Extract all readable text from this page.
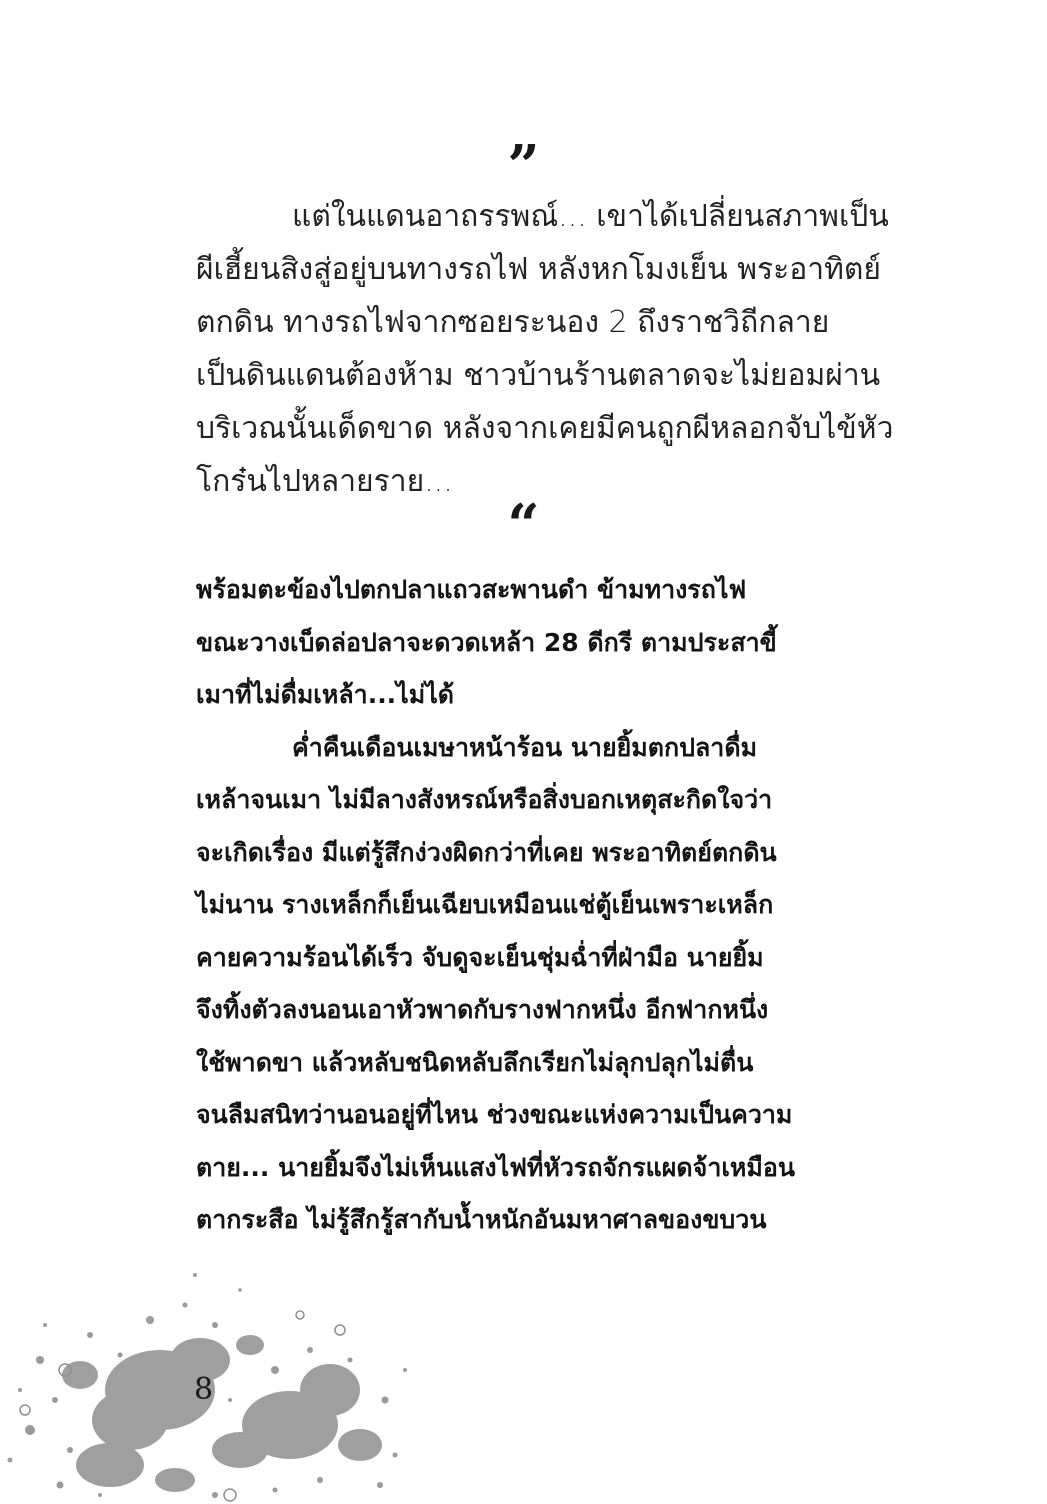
”
แต่ในแดนอาถรรพณ์... เขาได้เปลี่ยนสภาพเป็น
ผีเฮี้ยนสิงสู่อยู่บนทางรถไฟ หลังหกโมงเย็น พระอาทิตย์
ตกดิน ทางรถไฟจากซอยระนอง 2 ถึงราชวิถีกลาย
เป็นดินแดนต้องห้าม ชาวบ้านร้านตลาดจะไม่ยอมผ่าน
บริเวณนั้นเด็ดขาด หลังจากเคยมีคนถูกผีหลอกจับไข้หัว
โกร๋นไปหลายราย...
“
พร้อมตะข้องไปตกปลาแถวสะพานดำ ข้ามทางรถไฟ
ขณะวางเบ็ดล่อปลาจะดวดเหล้า 28 ดีกรี ตามประสาขี้
เมาที่ไม่ดื่มเหล้า...ไม่ได้
ค่ำคืนเดือนเมษาหน้าร้อน นายยิ้มตกปลาดื่ม
เหล้าจนเมา ไม่มีลางสังหรณ์หรือสิ่งบอกเหตุสะกิดใจว่า
จะเกิดเรื่อง มีแต่รู้สึกง่วงผิดกว่าที่เคย พระอาทิตย์ตกดิน
ไม่นาน รางเหล็กก็เย็นเฉียบเหมือนแช่ตู้เย็นเพราะเหล็ก
คายความร้อนได้เร็ว จับดูจะเย็นชุ่มฉ่ำที่ฝ่ามือ นายยิ้ม
จึงทิ้งตัวลงนอนเอาหัวพาดกับรางฟากหนึ่ง อีกฟากหนึ่ง
ใช้พาดขา แล้วหลับชนิดหลับลึกเรียกไม่ลุกปลุกไม่ตื่น
จนลืมสนิทว่านอนอยู่ที่ไหน ช่วงขณะแห่งความเป็นความ
ตาย... นายยิ้มจึงไม่เห็นแสงไฟที่หัวรถจักรแผดจ้าเหมือน
ตากระสือ ไม่รู้สึกรู้สากับน้ำหนักอันมหาศาลของขบวน
8
